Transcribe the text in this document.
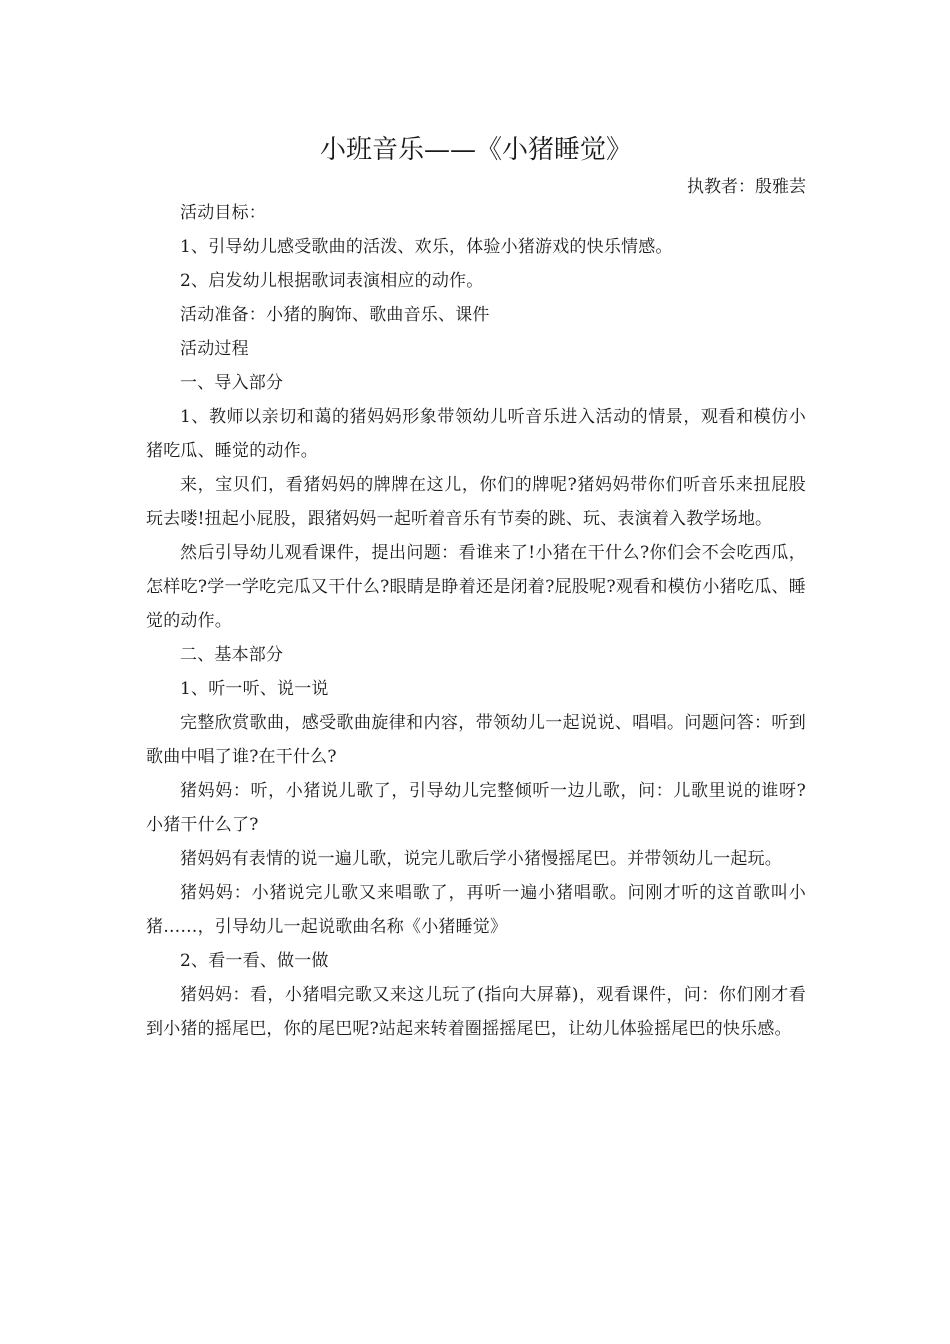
小班音乐——《小猪睡觉》
执教者：殷雅芸

活动目标：

1、引导幼儿感受歌曲的活泼、欢乐，体验小猪游戏的快乐情感。

2、启发幼儿根据歌词表演相应的动作。

活动准备：小猪的胸饰、歌曲音乐、课件

活动过程

一、导入部分

1、教师以亲切和蔼的猪妈妈形象带领幼儿听音乐进入活动的情景，观看和模仿小猪吃瓜、睡觉的动作。

来，宝贝们，看猪妈妈的牌牌在这儿，你们的牌呢?猪妈妈带你们听音乐来扭屁股玩去喽!扭起小屁股，跟猪妈妈一起听着音乐有节奏的跳、玩、表演着入教学场地。

然后引导幼儿观看课件，提出问题：看谁来了!小猪在干什么?你们会不会吃西瓜，怎样吃?学一学吃完瓜又干什么?眼睛是睁着还是闭着?屁股呢?观看和模仿小猪吃瓜、睡觉的动作。

二、基本部分

1、听一听、说一说

完整欣赏歌曲，感受歌曲旋律和内容，带领幼儿一起说说、唱唱。问题问答：听到歌曲中唱了谁?在干什么?

猪妈妈：听，小猪说儿歌了，引导幼儿完整倾听一边儿歌，问：儿歌里说的谁呀?小猪干什么了?

猪妈妈有表情的说一遍儿歌，说完儿歌后学小猪慢摇尾巴。并带领幼儿一起玩。

猪妈妈：小猪说完儿歌又来唱歌了，再听一遍小猪唱歌。问刚才听的这首歌叫小猪……，引导幼儿一起说歌曲名称《小猪睡觉》

2、看一看、做一做

猪妈妈：看，小猪唱完歌又来这儿玩了(指向大屏幕)，观看课件，问：你们刚才看到小猪的摇尾巴，你的尾巴呢?站起来转着圈摇摇尾巴，让幼儿体验摇尾巴的快乐感。
